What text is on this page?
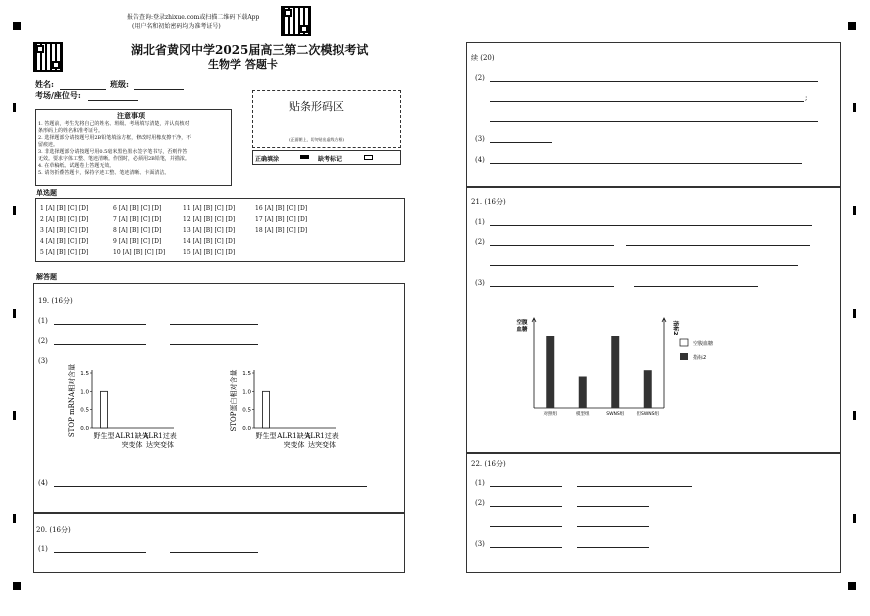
报告查询:登录zhixue.com或扫描二维码下载App
(用户名和初始密码均为准考证号)
湖北省黄冈中学2025届高三第二次模拟考试
生物学 答题卡
姓名:	班级:
考场/座位号:
贴条形码区
(正面朝上，切勿贴出虚线方框)
正确填涂	缺考标记
注意事项
1. 答题前，考生先将自己的姓名、班级、考场填写清楚，并认真核对
条形码上的姓名和准考证号。
2. 选择题部分请按题号用2B铅笔填涂方框，修改时用橡皮擦干净，不
留痕迹。
3. 非选择题部分请按题号用0.5毫米黑色墨水签字笔书写，否则作答
无效。要求字体工整、笔迹清晰。作图时，必须用2B铅笔，并描浓。
4. 在草稿纸、试题卷上答题无效。
5. 请勿折叠答题卡，保持字迹工整、笔迹清晰、卡面清洁。
单选题
1 [A] [B] [C] [D]
2 [A] [B] [C] [D]
3 [A] [B] [C] [D]
4 [A] [B] [C] [D]
5 [A] [B] [C] [D]
6 [A] [B] [C] [D]
7 [A] [B] [C] [D]
8 [A] [B] [C] [D]
9 [A] [B] [C] [D]
10 [A] [B] [C] [D]
11 [A] [B] [C] [D]
12 [A] [B] [C] [D]
13 [A] [B] [C] [D]
14 [A] [B] [C] [D]
15 [A] [B] [C] [D]
16 [A] [B] [C] [D]
17 [A] [B] [C] [D]
18 [A] [B] [C] [D]
解答题
19. (16分)
(1)
(2)
(3)
0.0
0.5
1.0
1.5
STOP mRNA相对含量	野生型 ALR1缺失
突变体
ALR1过表
达突变体
0.0
0.5
1.0
1.5
STOP蛋白相对含量
野生型 ALR1缺失
突变体
ALR1过表
达突变体
(4)
20. (16分)
(1)
续 (20)
(2)
;
(3)
(4)
21. (16分)
(1)
(2)
(3)
空腹
血糖	指标2
对照组	模型组	SWNS组	但SWNS组
空腹血糖
指标2
22. (16分)
(1)
(2)
(3)
